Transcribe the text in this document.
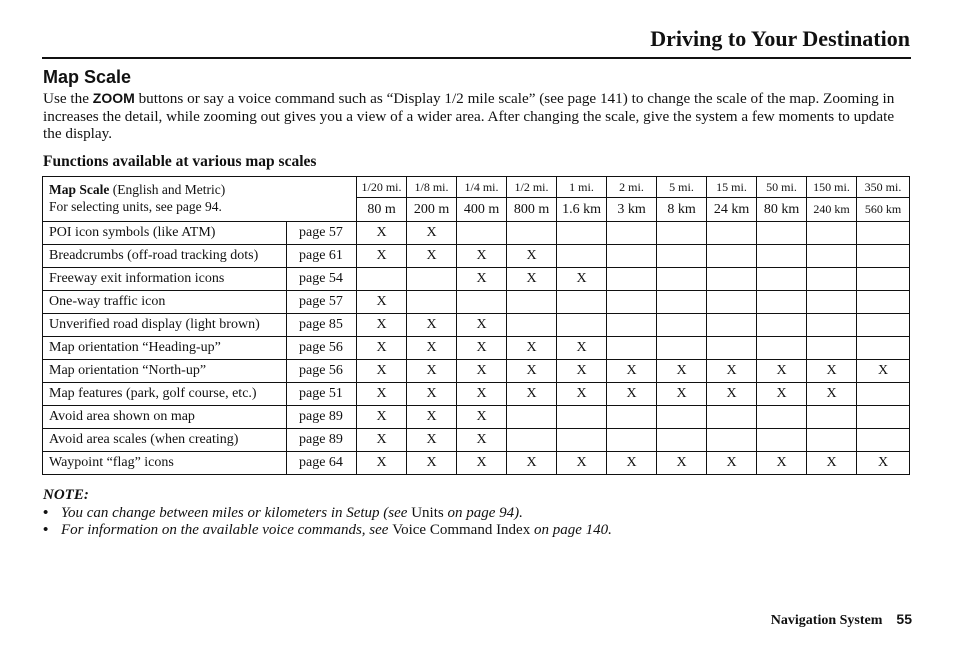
Driving to Your Destination
Map Scale
Use the ZOOM buttons or say a voice command such as “Display 1/2 mile scale” (see page 141) to change the scale of the map. Zooming in increases the detail, while zooming out gives you a view of a wider area. After changing the scale, give the system a few moments to update the display.
Functions available at various map scales
Map Scale (English and Metric)
For selecting units, see page 94.		1/20 mi.	1/8 mi.	1/4 mi.	1/2 mi.	1 mi.	2 mi.	5 mi.	15 mi.	50 mi.	150 mi.	350 mi.
		80 m	200 m	400 m	800 m	1.6 km	3 km	8 km	24 km	80 km	240 km	560 km
POI icon symbols (like ATM)	page 57	X	X									
Breadcrumbs (off-road tracking dots)	page 61	X	X	X	X							
Freeway exit information icons	page 54			X	X	X						
One-way traffic icon	page 57	X										
Unverified road display (light brown)	page 85	X	X	X								
Map orientation “Heading-up”	page 56	X	X	X	X	X						
Map orientation “North-up”	page 56	X	X	X	X	X	X	X	X	X	X	X
Map features (park, golf course, etc.)	page 51	X	X	X	X	X	X	X	X	X	X	
Avoid area shown on map	page 89	X	X	X								
Avoid area scales (when creating)	page 89	X	X	X								
Waypoint “flag” icons	page 64	X	X	X	X	X	X	X	X	X	X	X
NOTE:
• You can change between miles or kilometers in Setup (see Units on page 94).
• For information on the available voice commands, see Voice Command Index on page 140.
Navigation System 55
